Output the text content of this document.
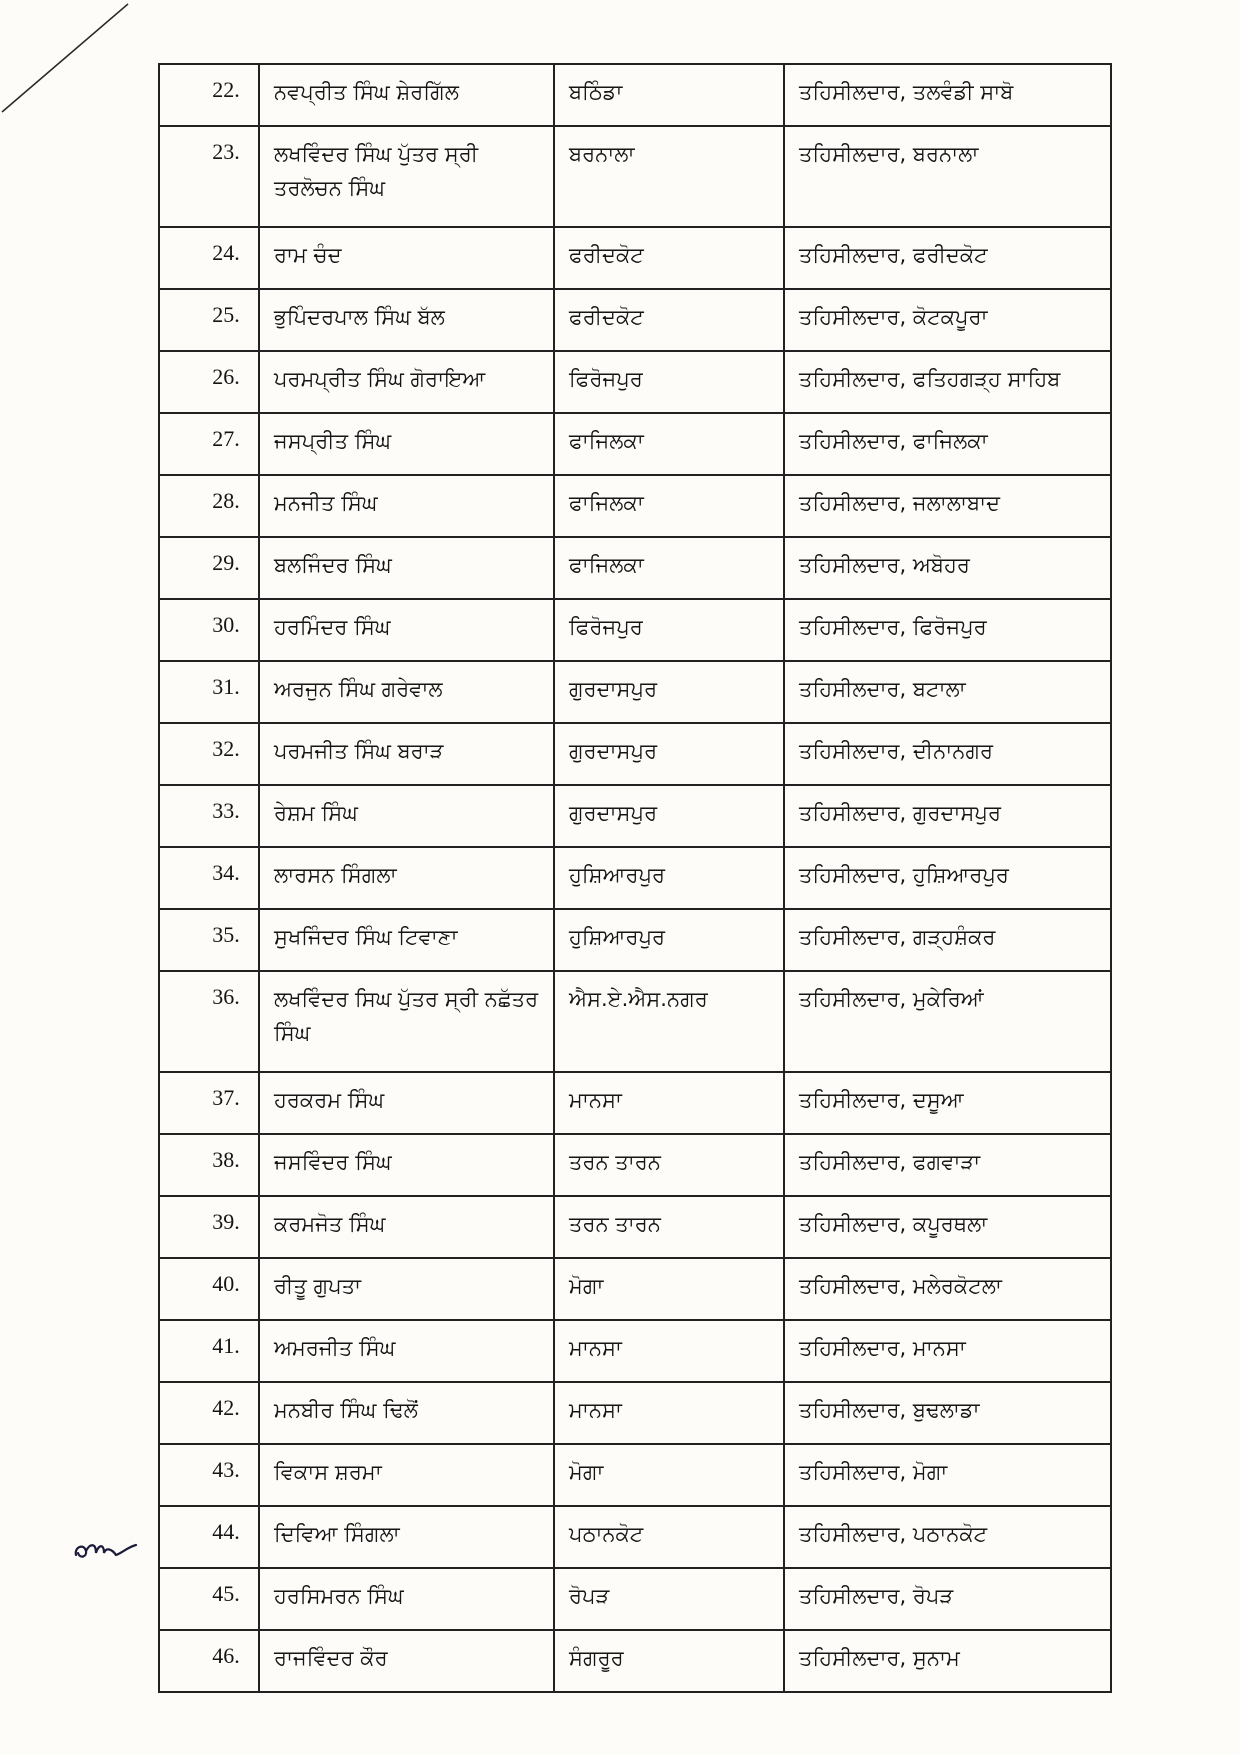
22.	ਨਵਪ੍ਰੀਤ ਸਿੰਘ ਸ਼ੇਰਗਿੱਲ	ਬਠਿੰਡਾ	ਤਹਿਸੀਲਦਾਰ, ਤਲਵੰਡੀ ਸਾਬੋ
23.	ਲਖਵਿੰਦਰ ਸਿੰਘ ਪੁੱਤਰ ਸ੍ਰੀ ਤਰਲੋਚਨ ਸਿੰਘ	ਬਰਨਾਲਾ	ਤਹਿਸੀਲਦਾਰ, ਬਰਨਾਲਾ
24.	ਰਾਮ ਚੰਦ	ਫਰੀਦਕੋਟ	ਤਹਿਸੀਲਦਾਰ, ਫਰੀਦਕੋਟ
25.	ਭੁਪਿੰਦਰਪਾਲ ਸਿੰਘ ਬੱਲ	ਫਰੀਦਕੋਟ	ਤਹਿਸੀਲਦਾਰ, ਕੋਟਕਪੂਰਾ
26.	ਪਰਮਪ੍ਰੀਤ ਸਿੰਘ ਗੋਰਾਇਆ	ਫਿਰੋਜਪੁਰ	ਤਹਿਸੀਲਦਾਰ, ਫਤਿਹਗੜ੍ਹ ਸਾਹਿਬ
27.	ਜਸਪ੍ਰੀਤ ਸਿੰਘ	ਫਾਜਿਲਕਾ	ਤਹਿਸੀਲਦਾਰ, ਫਾਜਿਲਕਾ
28.	ਮਨਜੀਤ ਸਿੰਘ	ਫਾਜਿਲਕਾ	ਤਹਿਸੀਲਦਾਰ, ਜਲਾਲਾਬਾਦ
29.	ਬਲਜਿੰਦਰ ਸਿੰਘ	ਫਾਜਿਲਕਾ	ਤਹਿਸੀਲਦਾਰ, ਅਬੋਹਰ
30.	ਹਰਮਿੰਦਰ ਸਿੰਘ	ਫਿਰੋਜਪੁਰ	ਤਹਿਸੀਲਦਾਰ, ਫਿਰੋਜਪੁਰ
31.	ਅਰਜੁਨ ਸਿੰਘ ਗਰੇਵਾਲ	ਗੁਰਦਾਸਪੁਰ	ਤਹਿਸੀਲਦਾਰ, ਬਟਾਲਾ
32.	ਪਰਮਜੀਤ ਸਿੰਘ ਬਰਾੜ	ਗੁਰਦਾਸਪੁਰ	ਤਹਿਸੀਲਦਾਰ, ਦੀਨਾਨਗਰ
33.	ਰੇਸ਼ਮ ਸਿੰਘ	ਗੁਰਦਾਸਪੁਰ	ਤਹਿਸੀਲਦਾਰ, ਗੁਰਦਾਸਪੁਰ
34.	ਲਾਰਸਨ ਸਿੰਗਲਾ	ਹੁਸ਼ਿਆਰਪੁਰ	ਤਹਿਸੀਲਦਾਰ, ਹੁਸ਼ਿਆਰਪੁਰ
35.	ਸੁਖਜਿੰਦਰ ਸਿੰਘ ਟਿਵਾਣਾ	ਹੁਸ਼ਿਆਰਪੁਰ	ਤਹਿਸੀਲਦਾਰ, ਗੜ੍ਹਸ਼ੰਕਰ
36.	ਲਖਵਿੰਦਰ ਸਿਘ ਪੁੱਤਰ ਸ੍ਰੀ ਨਛੱਤਰ ਸਿੰਘ	ਐਸ.ਏ.ਐਸ.ਨਗਰ	ਤਹਿਸੀਲਦਾਰ, ਮੁਕੇਰਿਆਂ
37.	ਹਰਕਰਮ ਸਿੰਘ	ਮਾਨਸਾ	ਤਹਿਸੀਲਦਾਰ, ਦਸੂਆ
38.	ਜਸਵਿੰਦਰ ਸਿੰਘ	ਤਰਨ ਤਾਰਨ	ਤਹਿਸੀਲਦਾਰ, ਫਗਵਾੜਾ
39.	ਕਰਮਜੋਤ ਸਿੰਘ	ਤਰਨ ਤਾਰਨ	ਤਹਿਸੀਲਦਾਰ, ਕਪੂਰਥਲਾ
40.	ਰੀਤੂ ਗੁਪਤਾ	ਮੋਗਾ	ਤਹਿਸੀਲਦਾਰ, ਮਲੇਰਕੋਟਲਾ
41.	ਅਮਰਜੀਤ ਸਿੰਘ	ਮਾਨਸਾ	ਤਹਿਸੀਲਦਾਰ, ਮਾਨਸਾ
42.	ਮਨਬੀਰ ਸਿੰਘ ਢਿਲੋਂ	ਮਾਨਸਾ	ਤਹਿਸੀਲਦਾਰ, ਬੁਢਲਾਡਾ
43.	ਵਿਕਾਸ ਸ਼ਰਮਾ	ਮੋਗਾ	ਤਹਿਸੀਲਦਾਰ, ਮੋਗਾ
44.	ਦਿਵਿਆ ਸਿੰਗਲਾ	ਪਠਾਨਕੋਟ	ਤਹਿਸੀਲਦਾਰ, ਪਠਾਨਕੋਟ
45.	ਹਰਸਿਮਰਨ ਸਿੰਘ	ਰੋਪੜ	ਤਹਿਸੀਲਦਾਰ, ਰੋਪੜ
46.	ਰਾਜਵਿੰਦਰ ਕੌਰ	ਸੰਗਰੂਰ	ਤਹਿਸੀਲਦਾਰ, ਸੁਨਾਮ
